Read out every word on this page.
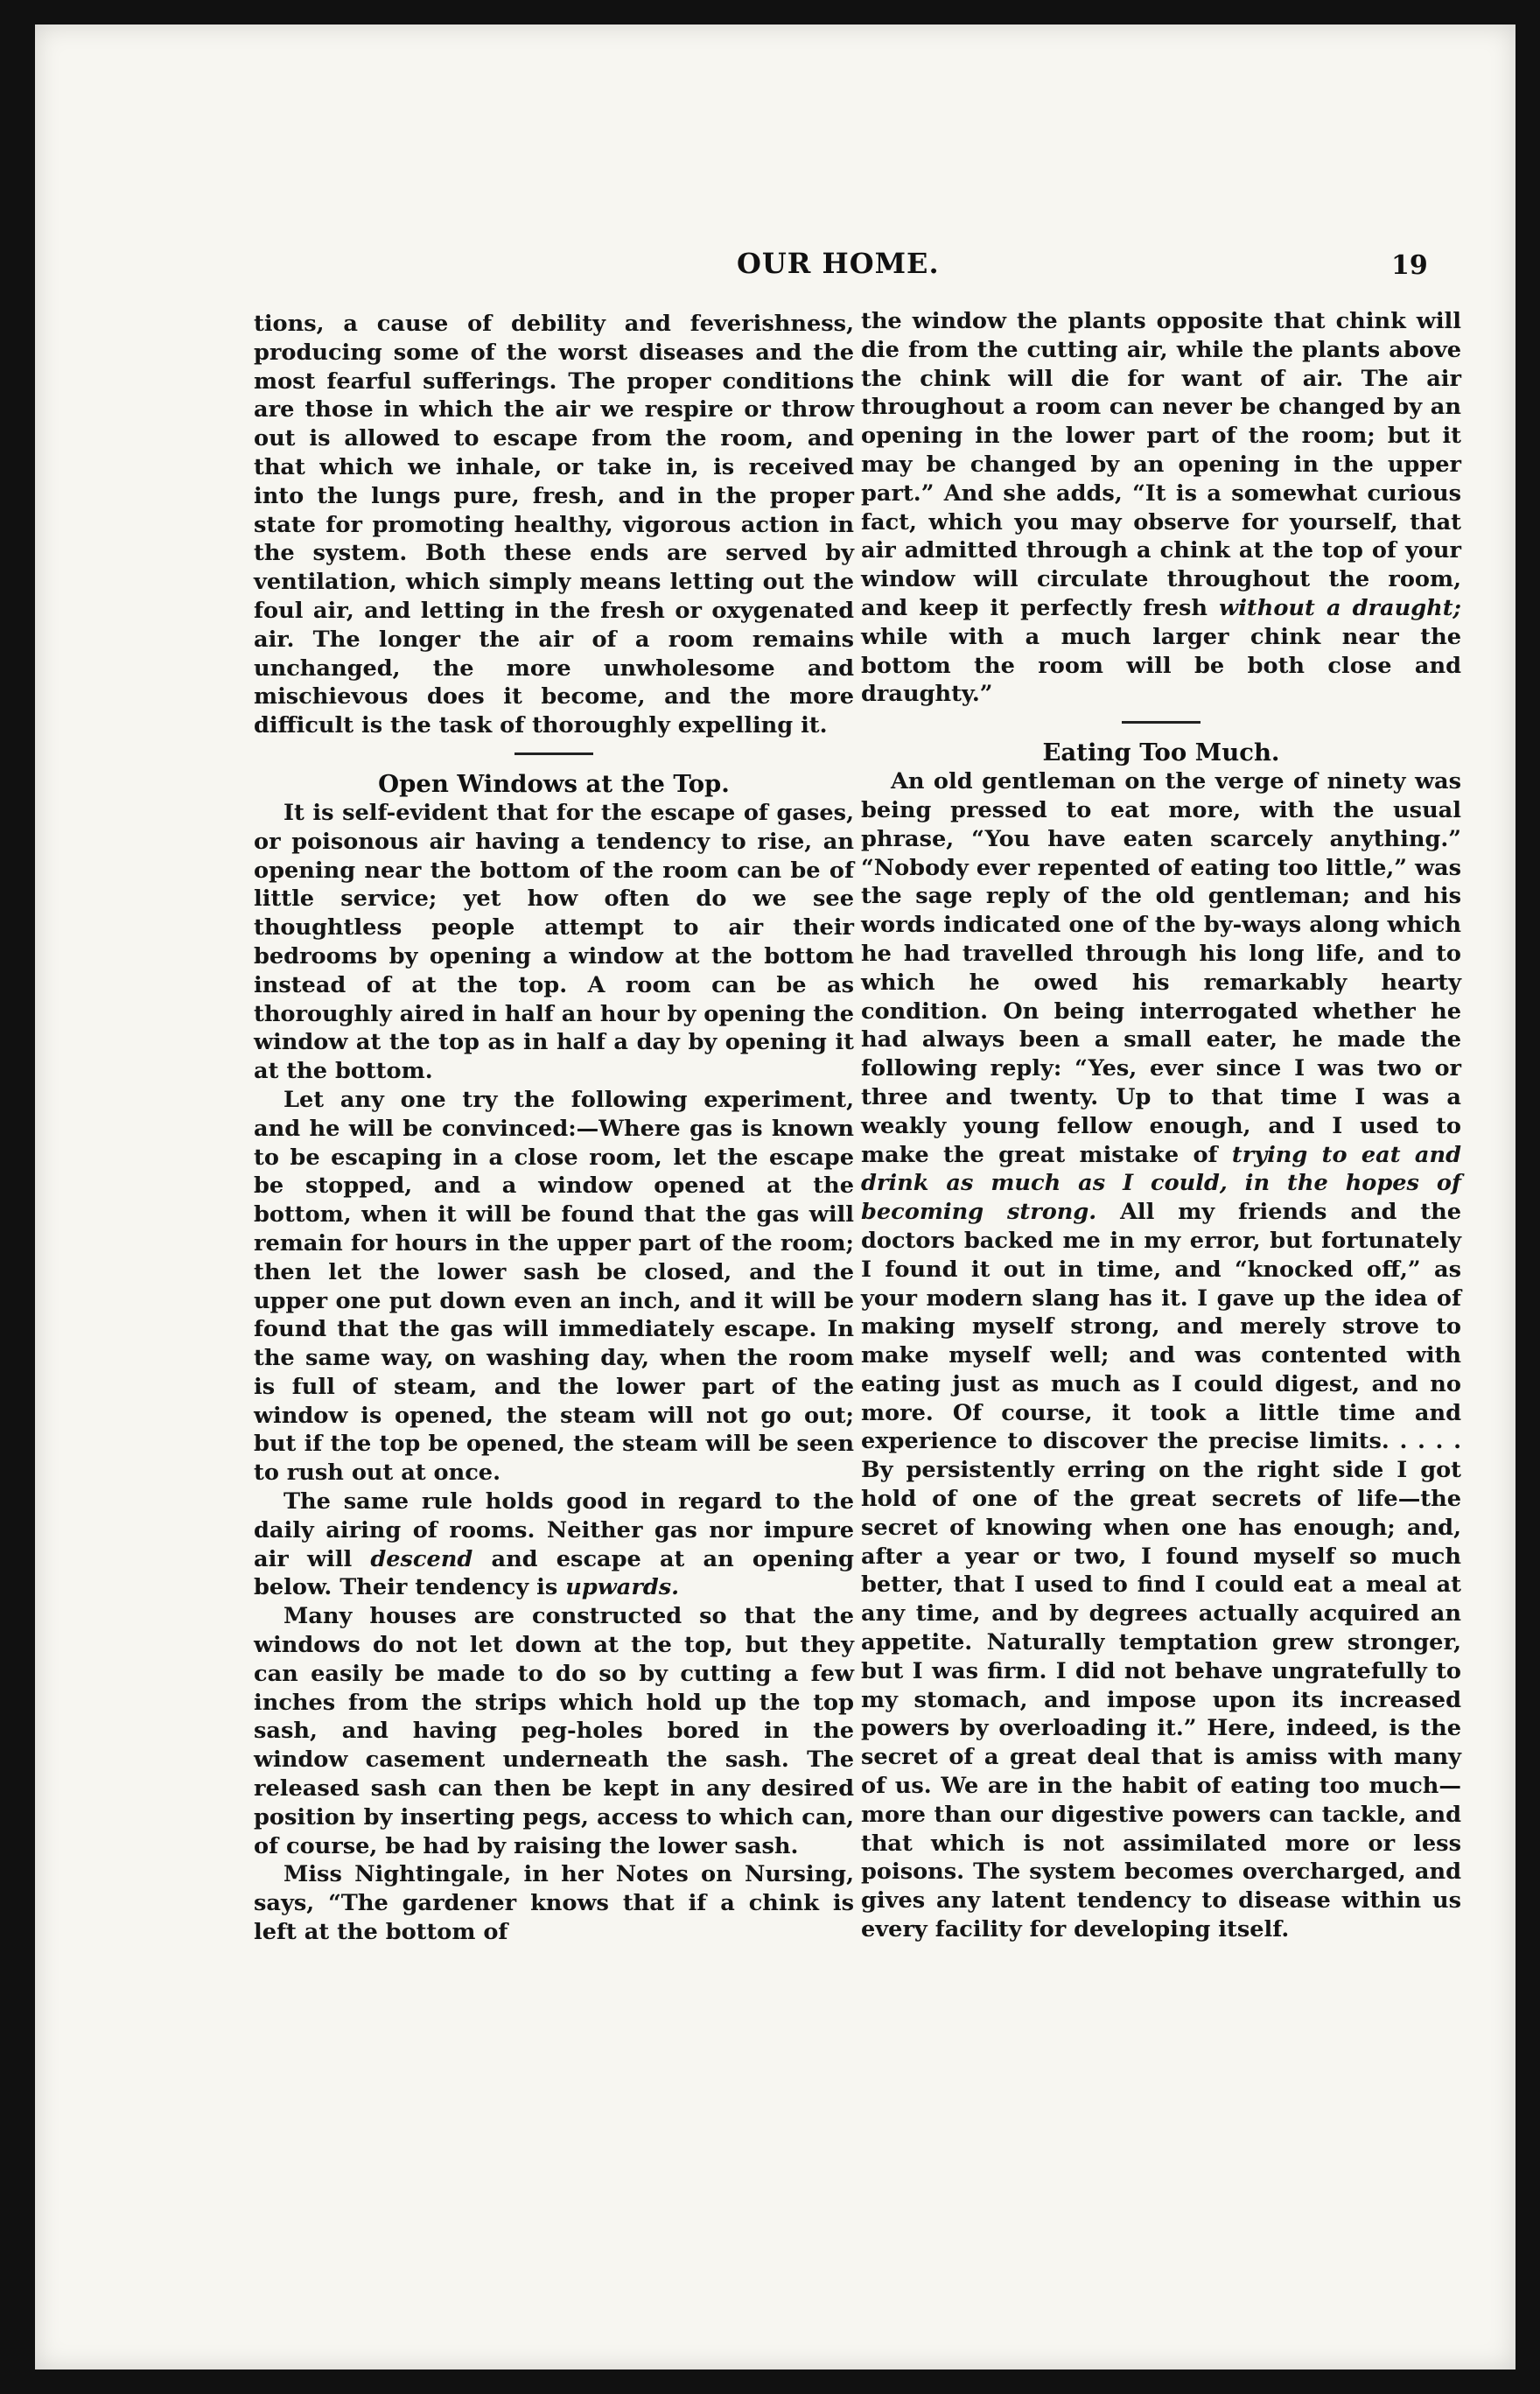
OUR HOME.	19

tions, a cause of debility and feverishness, producing some of the worst diseases and the most fearful sufferings. The proper conditions are those in which the air we respire or throw out is allowed to escape from the room, and that which we inhale, or take in, is received into the lungs pure, fresh, and in the proper state for promoting healthy, vigorous action in the system. Both these ends are served by ventilation, which simply means letting out the foul air, and letting in the fresh or oxygenated air. The longer the air of a room remains unchanged, the more unwholesome and mischievous does it become, and the more difficult is the task of thoroughly expelling it.

Open Windows at the Top.

It is self-evident that for the escape of gases, or poisonous air having a tendency to rise, an opening near the bottom of the room can be of little service; yet how often do we see thoughtless people attempt to air their bedrooms by opening a window at the bottom instead of at the top. A room can be as thoroughly aired in half an hour by opening the window at the top as in half a day by opening it at the bottom.

Let any one try the following experiment, and he will be convinced:—Where gas is known to be escaping in a close room, let the escape be stopped, and a window opened at the bottom, when it will be found that the gas will remain for hours in the upper part of the room; then let the lower sash be closed, and the upper one put down even an inch, and it will be found that the gas will immediately escape. In the same way, on washing day, when the room is full of steam, and the lower part of the window is opened, the steam will not go out; but if the top be opened, the steam will be seen to rush out at once.

The same rule holds good in regard to the daily airing of rooms. Neither gas nor impure air will descend and escape at an opening below. Their tendency is upwards.

Many houses are constructed so that the windows do not let down at the top, but they can easily be made to do so by cutting a few inches from the strips which hold up the top sash, and having peg-holes bored in the window casement underneath the sash. The released sash can then be kept in any desired position by inserting pegs, access to which can, of course, be had by raising the lower sash.

Miss Nightingale, in her Notes on Nursing, says, “The gardener knows that if a chink is left at the bottom of

the window the plants opposite that chink will die from the cutting air, while the plants above the chink will die for want of air. The air throughout a room can never be changed by an opening in the lower part of the room; but it may be changed by an opening in the upper part.” And she adds, “It is a somewhat curious fact, which you may observe for yourself, that air admitted through a chink at the top of your window will circulate throughout the room, and keep it perfectly fresh without a draught; while with a much larger chink near the bottom the room will be both close and draughty.”

Eating Too Much.

An old gentleman on the verge of ninety was being pressed to eat more, with the usual phrase, “You have eaten scarcely anything.” “Nobody ever repented of eating too little,” was the sage reply of the old gentleman; and his words indicated one of the by-ways along which he had travelled through his long life, and to which he owed his remarkably hearty condition. On being interrogated whether he had always been a small eater, he made the following reply: “Yes, ever since I was two or three and twenty. Up to that time I was a weakly young fellow enough, and I used to make the great mistake of trying to eat and drink as much as I could, in the hopes of becoming strong. All my friends and the doctors backed me in my error, but fortunately I found it out in time, and “knocked off,” as your modern slang has it. I gave up the idea of making myself strong, and merely strove to make myself well; and was contented with eating just as much as I could digest, and no more. Of course, it took a little time and experience to discover the precise limits. . . . . By persistently erring on the right side I got hold of one of the great secrets of life—the secret of knowing when one has enough; and, after a year or two, I found myself so much better, that I used to find I could eat a meal at any time, and by degrees actually acquired an appetite. Naturally temptation grew stronger, but I was firm. I did not behave ungratefully to my stomach, and impose upon its increased powers by overloading it.” Here, indeed, is the secret of a great deal that is amiss with many of us. We are in the habit of eating too much—more than our digestive powers can tackle, and that which is not assimilated more or less poisons. The system becomes overcharged, and gives any latent tendency to disease within us every facility for developing itself.
